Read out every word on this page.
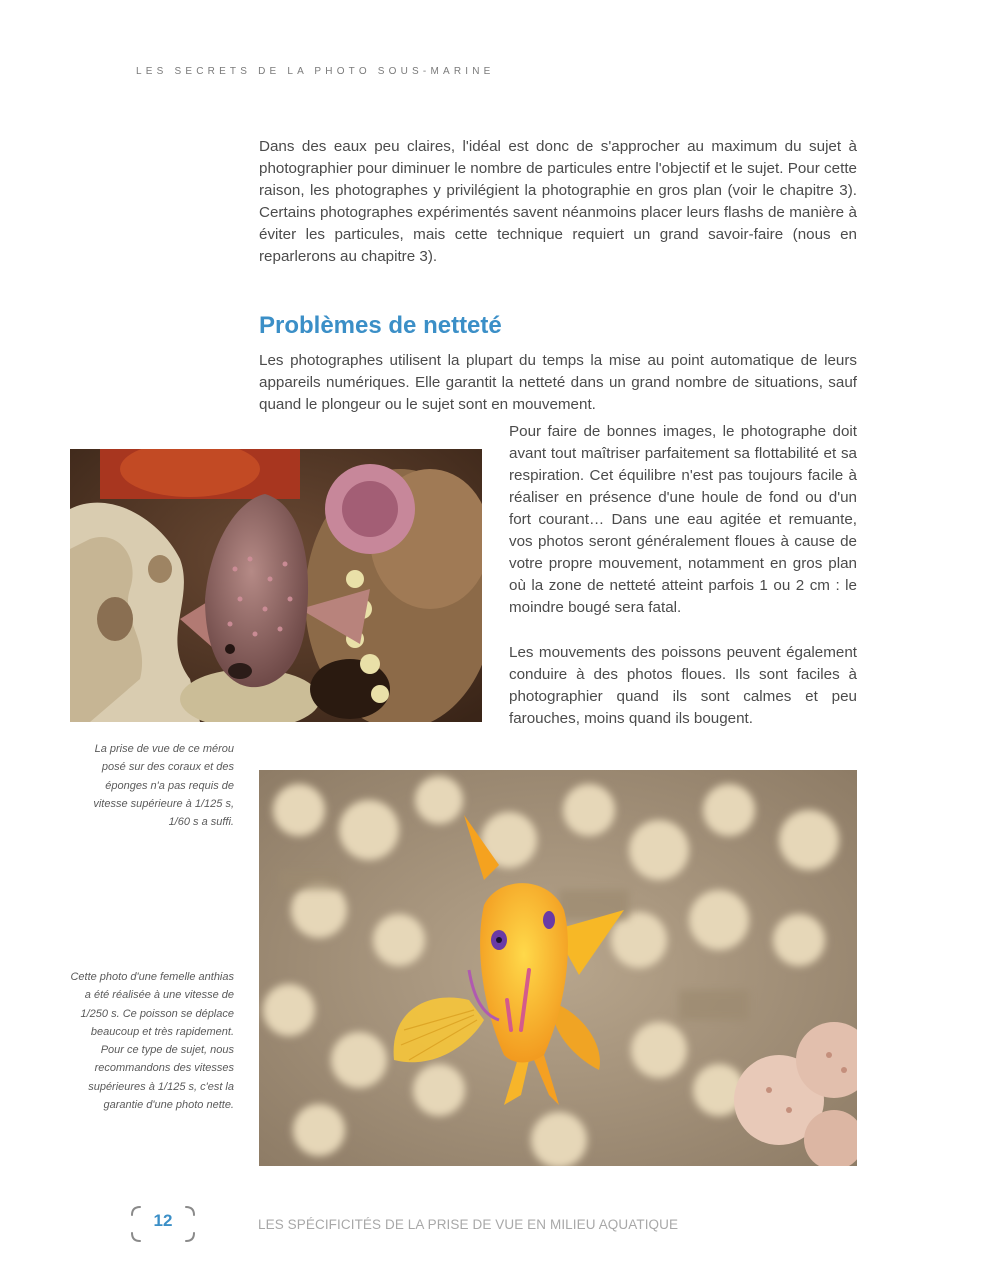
LES SECRETS DE LA PHOTO SOUS-MARINE

Dans des eaux peu claires, l'idéal est donc de s'approcher au maximum du sujet à photographier pour diminuer le nombre de particules entre l'objectif et le sujet. Pour cette raison, les photographes y privilégient la photographie en gros plan (voir le chapitre 3). Certains photographes expérimentés savent néanmoins placer leurs flashs de manière à éviter les particules, mais cette technique requiert un grand savoir-faire (nous en reparlerons au chapitre 3).

Problèmes de netteté

Les photographes utilisent la plupart du temps la mise au point automatique de leurs appareils numériques. Elle garantit la netteté dans un grand nombre de situations, sauf quand le plongeur ou le sujet sont en mouvement.

Pour faire de bonnes images, le photographe doit avant tout maîtriser parfaitement sa flottabilité et sa respiration. Cet équilibre n'est pas toujours facile à réaliser en présence d'une houle de fond ou d'un fort courant… Dans une eau agitée et remuante, vos photos seront généralement floues à cause de votre propre mouvement, notamment en gros plan où la zone de netteté atteint parfois 1 ou 2 cm : le moindre bougé sera fatal.

Les mouvements des poissons peuvent également conduire à des photos floues. Ils sont faciles à photographier quand ils sont calmes et peu farouches, moins quand ils bougent.

La prise de vue de ce mérou posé sur des coraux et des éponges n'a pas requis de vitesse supérieure à 1/125 s, 1/60 s a suffi.

Cette photo d'une femelle anthias a été réalisée à une vitesse de 1/250 s. Ce poisson se déplace beaucoup et très rapidement. Pour ce type de sujet, nous recommandons des vitesses supérieures à 1/125 s, c'est la garantie d'une photo nette.

12	LES SPÉCIFICITÉS DE LA PRISE DE VUE EN MILIEU AQUATIQUE
